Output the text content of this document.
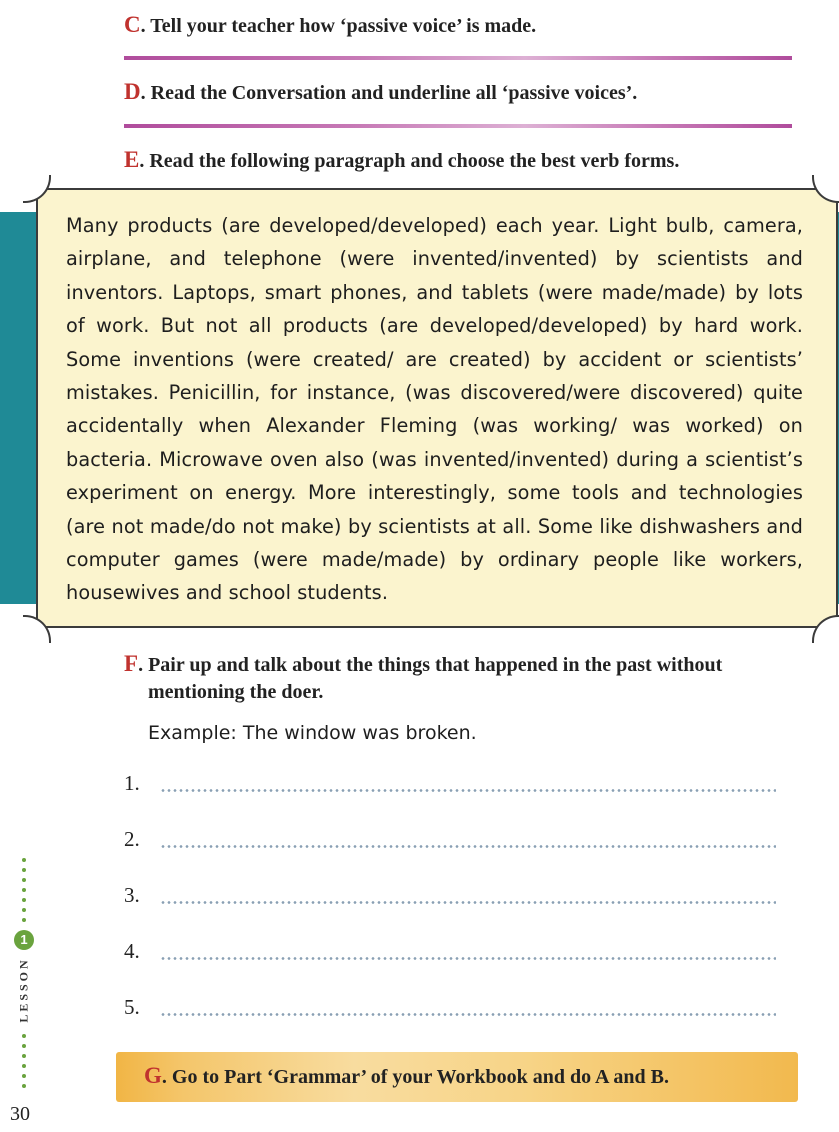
C. Tell your teacher how ‘passive voice’ is made.
D. Read the Conversation and underline all ‘passive voices’.
E. Read the following paragraph and choose the best verb forms.
Many products (are developed/developed) each year. Light bulb, camera, airplane, and telephone (were invented/invented) by scientists and inventors. Laptops, smart phones, and tablets (were made/made) by lots of work. But not all products (are developed/developed) by hard work. Some inventions (were created/ are created) by accident or scientists’ mistakes. Penicillin, for instance, (was discovered/were discovered) quite accidentally when Alexander Fleming (was working/ was worked) on bacteria. Microwave oven also (was invented/invented) during a scientist’s experiment on energy. More interestingly, some tools and technologies (are not made/do not make) by scientists at all. Some like dishwashers and computer games (were made/made) by ordinary people like workers, housewives and school students.
F. Pair up and talk about the things that happened in the past without mentioning the doer.
Example: The window was broken.
1.
2.
3.
4.
5.
G. Go to Part ‘Grammar’ of your Workbook and do A and B.
1
LESSON
30
